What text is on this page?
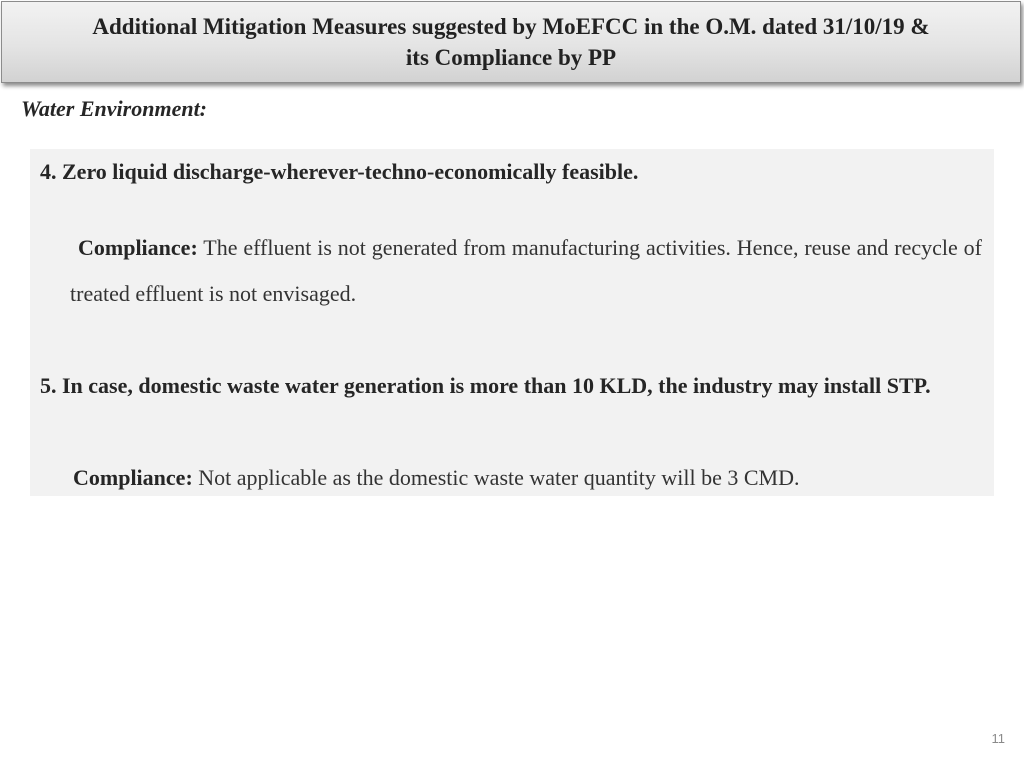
Additional Mitigation Measures suggested by MoEFCC in the O.M. dated 31/10/19 &
its Compliance by PP
Water Environment:
4. Zero liquid discharge-wherever-techno-economically feasible.
Compliance: The effluent is not generated from manufacturing activities. Hence, reuse and recycle of treated effluent is not envisaged.
5. In case, domestic waste water generation is more than 10 KLD, the industry may install STP.
Compliance: Not applicable as the domestic waste water quantity will be 3 CMD.
11
